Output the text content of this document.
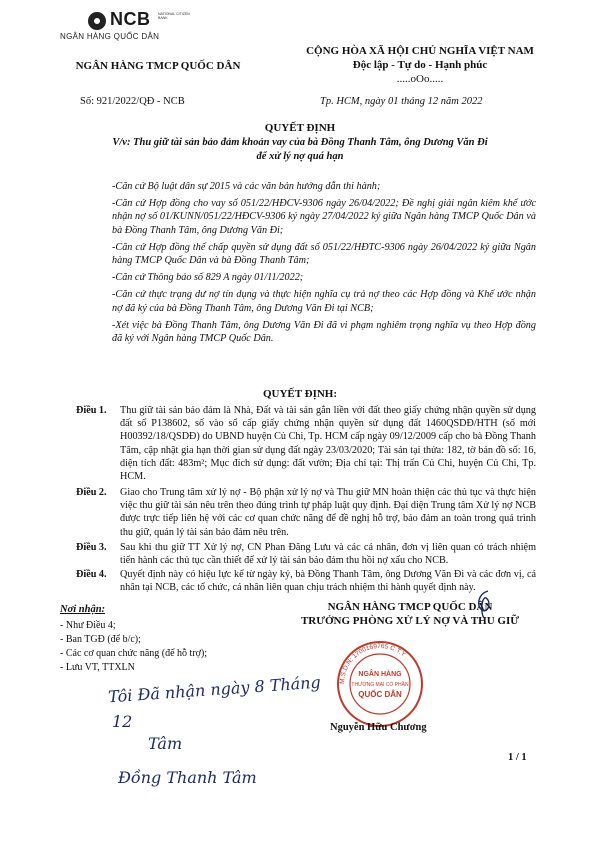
NCB NATIONAL CITIZEN BANK
NGÂN HÀNG QUỐC DÂN
NGÂN HÀNG TMCP QUỐC DÂN
CỘNG HÒA XÃ HỘI CHỦ NGHĨA VIỆT NAM
Độc lập - Tự do - Hạnh phúc
.....oOo.....
Số: 921/2022/QĐ - NCB	Tp. HCM, ngày 01 tháng 12 năm 2022
QUYẾT ĐỊNH
V/v: Thu giữ tài sản bảo đảm khoản vay của bà Đồng Thanh Tâm, ông Dương Văn Đi để xử lý nợ quá hạn

-Căn cứ Bộ luật dân sự 2015 và các văn bản hướng dẫn thi hành;

-Căn cứ Hợp đồng cho vay số 051/22/HĐCV-9306 ngày 26/04/2022; Đề nghị giải ngân kiêm khế ước nhận nợ số 01/KUNN/051/22/HĐCV-9306 ký ngày 27/04/2022 ký giữa Ngân hàng TMCP Quốc Dân và bà Đồng Thanh Tâm, ông Dương Văn Đi;

-Căn cứ Hợp đồng thế chấp quyền sử dụng đất số 051/22/HĐTC-9306 ngày 26/04/2022 ký giữa Ngân hàng TMCP Quốc Dân và bà Đồng Thanh Tâm;

-Căn cứ Thông báo số 829 A ngày 01/11/2022;

-Căn cứ thực trạng dư nợ tín dụng và thực hiện nghĩa cụ trả nợ theo các Hợp đồng và Khế ước nhận nợ đã ký của bà Đồng Thanh Tâm, ông Dương Văn Đi tại NCB;

-Xét việc bà Đồng Thanh Tâm, ông Dương Văn Đi đã vi phạm nghiêm trọng nghĩa vụ theo Hợp đồng đã ký với Ngân hàng TMCP Quốc Dân.

QUYẾT ĐỊNH:
Điều 1.	Thu giữ tài sản bảo đảm là Nhà, Đất và tài sản gắn liền với đất theo giấy chứng nhận quyền sử dụng đất số P138602, số vào sổ cấp giấy chứng nhận quyền sử dụng đất 1460QSDĐ/HTH (số mới H00392/18/QSDĐ) do UBND huyện Củ Chi, Tp. HCM cấp ngày 09/12/2009 cấp cho bà Đồng Thanh Tâm, cập nhật gia hạn thời gian sử dụng đất ngày 23/03/2020; Tài sản tại thửa: 182, tờ bản đồ số: 16, diện tích đất: 483m²; Mục đích sử dụng: đất vườn; Địa chỉ tại: Thị trấn Củ Chi, huyện Củ Chi, Tp. HCM.
Điều 2.	Giao cho Trung tâm xử lý nợ - Bộ phận xử lý nợ và Thu giữ MN hoàn thiện các thủ tục và thực hiện việc thu giữ tài sản nêu trên theo đúng trình tự pháp luật quy định. Đại diện Trung tâm Xử lý nợ NCB được trực tiếp liên hệ với các cơ quan chức năng để đề nghị hỗ trợ, bảo đảm an toàn trong quá trình thu giữ, quản lý tài sản bảo đảm nêu trên.
Điều 3.	Sau khi thu giữ TT Xử lý nợ, CN Phan Đăng Lưu và các cá nhân, đơn vị liên quan có trách nhiệm tiến hành các thủ tục cần thiết để xử lý tài sản bảo đảm thu hồi nợ xấu cho NCB.
Điều 4.	Quyết định này có hiệu lực kể từ ngày ký, bà Đồng Thanh Tâm, ông Dương Văn Đi và các đơn vị, cá nhân tại NCB, các tổ chức, cá nhân liên quan chịu trách nhiệm thi hành quyết định này.
Nơi nhận:
- Như Điều 4;
- Ban TGĐ (để b/c);
- Các cơ quan chức năng (để hỗ trợ);
- Lưu VT, TTXLN
NGÂN HÀNG TMCP QUỐC DÂN
TRƯỞNG PHÒNG XỬ LÝ NỢ VÀ THU GIỮ
M.S.D.N: 1700169765 C.T.Y
NGÂN HÀNG
THƯƠNG MẠI CỔ PHẦN
QUỐC DÂN
Nguyễn Hữu Chương
1 / 1
Tôi Đã nhận ngày 8 Tháng
12
Tâm
Đồng Thanh Tâm
